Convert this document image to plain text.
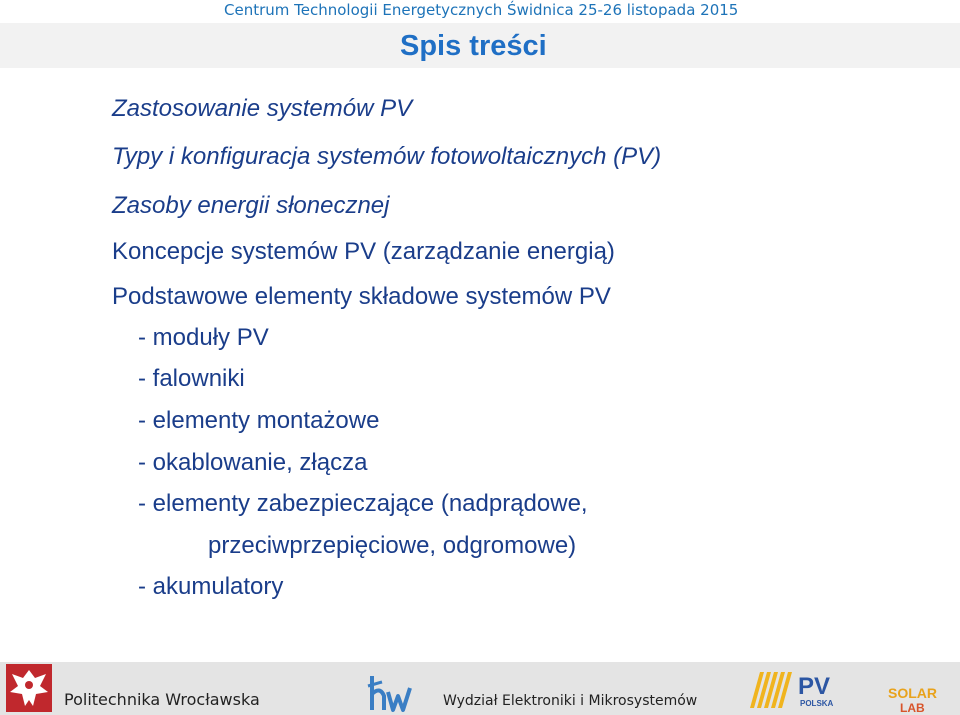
Centrum Technologii Energetycznych Świdnica 25-26 listopada 2015
Spis treści
Zastosowanie systemów PV
Typy i konfiguracja systemów fotowoltaicznych (PV)
Zasoby energii słonecznej
Koncepcje systemów PV (zarządzanie energią)
Podstawowe elementy składowe systemów PV
- moduły PV
- falowniki
- elementy montażowe
- okablowanie, złącza
- elementy zabezpieczające (nadprądowe,
przeciwprzepięciowe, odgromowe)
- akumulatory
Politechnika Wrocławska	Wydział Elektroniki i Mikrosystemów
PV
POLSKA
SOLAR
LAB
